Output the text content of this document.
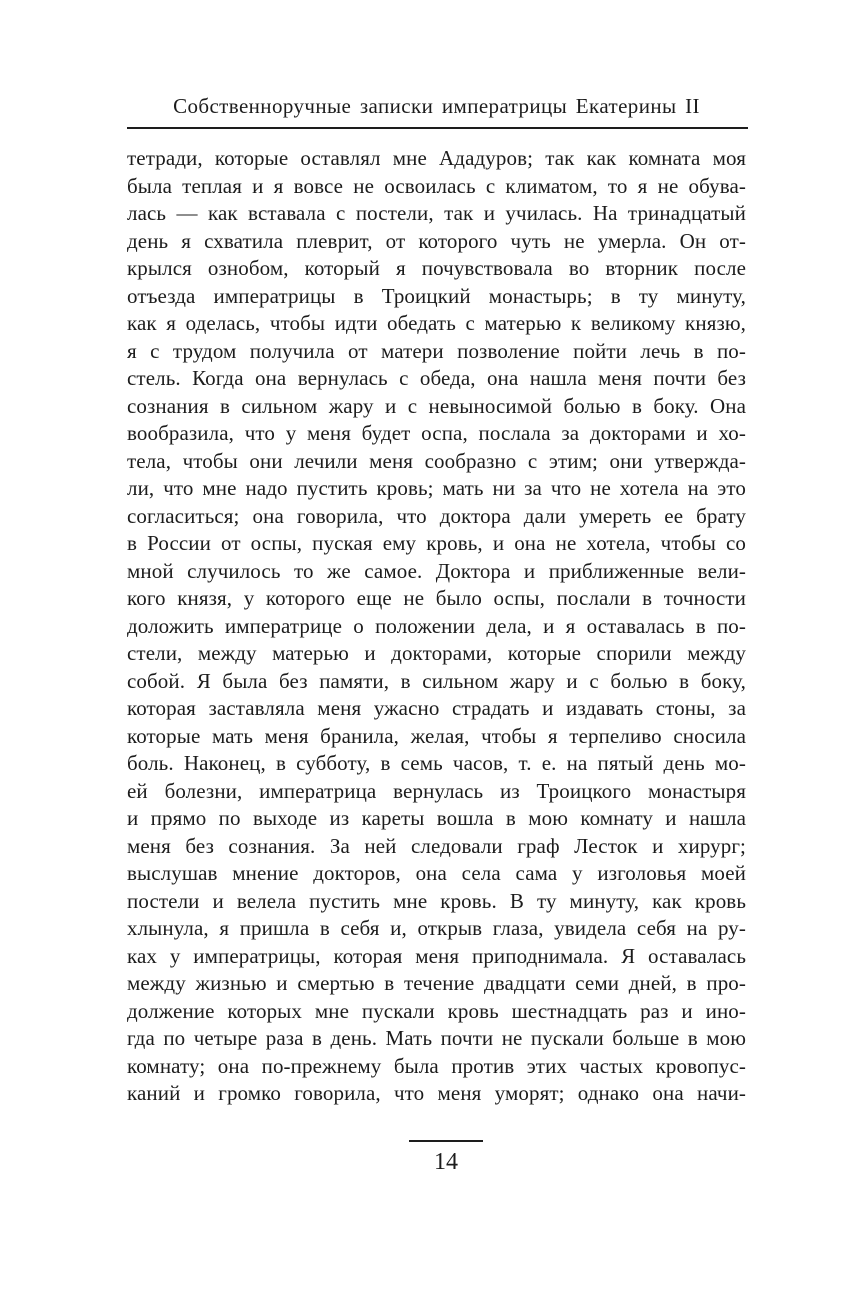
Собственноручные записки императрицы Екатерины II
тетради, которые оставлял мне Ададуров; так как комната моя
была теплая и я вовсе не освоилась с климатом, то я не обува-
лась — как вставала с постели, так и училась. На тринадцатый
день я схватила плеврит, от которого чуть не умерла. Он от-
крылся ознобом, который я почувствовала во вторник после
отъезда императрицы в Троицкий монастырь; в ту минуту,
как я оделась, чтобы идти обедать с матерью к великому князю,
я с трудом получила от матери позволение пойти лечь в по-
стель. Когда она вернулась с обеда, она нашла меня почти без
сознания в сильном жару и с невыносимой болью в боку. Она
вообразила, что у меня будет оспа, послала за докторами и хо-
тела, чтобы они лечили меня сообразно с этим; они утвержда-
ли, что мне надо пустить кровь; мать ни за что не хотела на это
согласиться; она говорила, что доктора дали умереть ее брату
в России от оспы, пуская ему кровь, и она не хотела, чтобы со
мной случилось то же самое. Доктора и приближенные вели-
кого князя, у которого еще не было оспы, послали в точности
доложить императрице о положении дела, и я оставалась в по-
стели, между матерью и докторами, которые спорили между
собой. Я была без памяти, в сильном жару и с болью в боку,
которая заставляла меня ужасно страдать и издавать стоны, за
которые мать меня бранила, желая, чтобы я терпеливо сносила
боль. Наконец, в субботу, в семь часов, т. е. на пятый день мо-
ей болезни, императрица вернулась из Троицкого монастыря
и прямо по выходе из кареты вошла в мою комнату и нашла
меня без сознания. За ней следовали граф Лесток и хирург;
выслушав мнение докторов, она села сама у изголовья моей
постели и велела пустить мне кровь. В ту минуту, как кровь
хлынула, я пришла в себя и, открыв глаза, увидела себя на ру-
ках у императрицы, которая меня приподнимала. Я оставалась
между жизнью и смертью в течение двадцати семи дней, в про-
должение которых мне пускали кровь шестнадцать раз и ино-
гда по четыре раза в день. Мать почти не пускали больше в мою
комнату; она по-прежнему была против этих частых кровопус-
каний и громко говорила, что меня уморят; однако она начи-
14
